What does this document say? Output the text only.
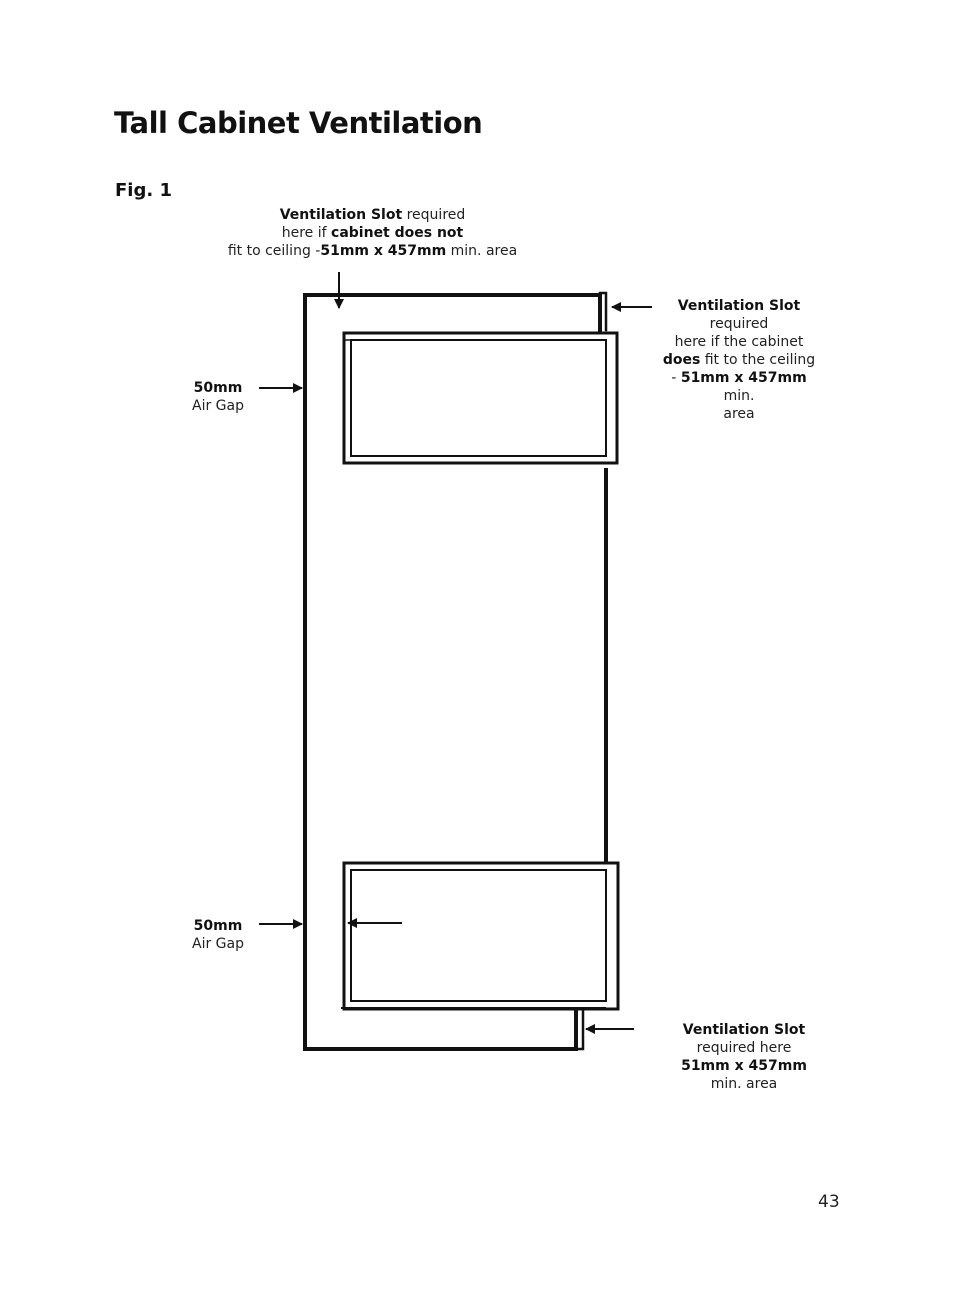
Tall Cabinet Ventilation
Fig. 1
Ventilation Slot required
here if cabinet does not
fit to ceiling -51mm x 457mm min. area
Ventilation Slot
required
here if the cabinet
does fit to the ceiling
- 51mm x 457mm min.
area
Ventilation Slot
required here
51mm x 457mm
min. area
50mm
Air Gap
50mm
Air Gap
43
